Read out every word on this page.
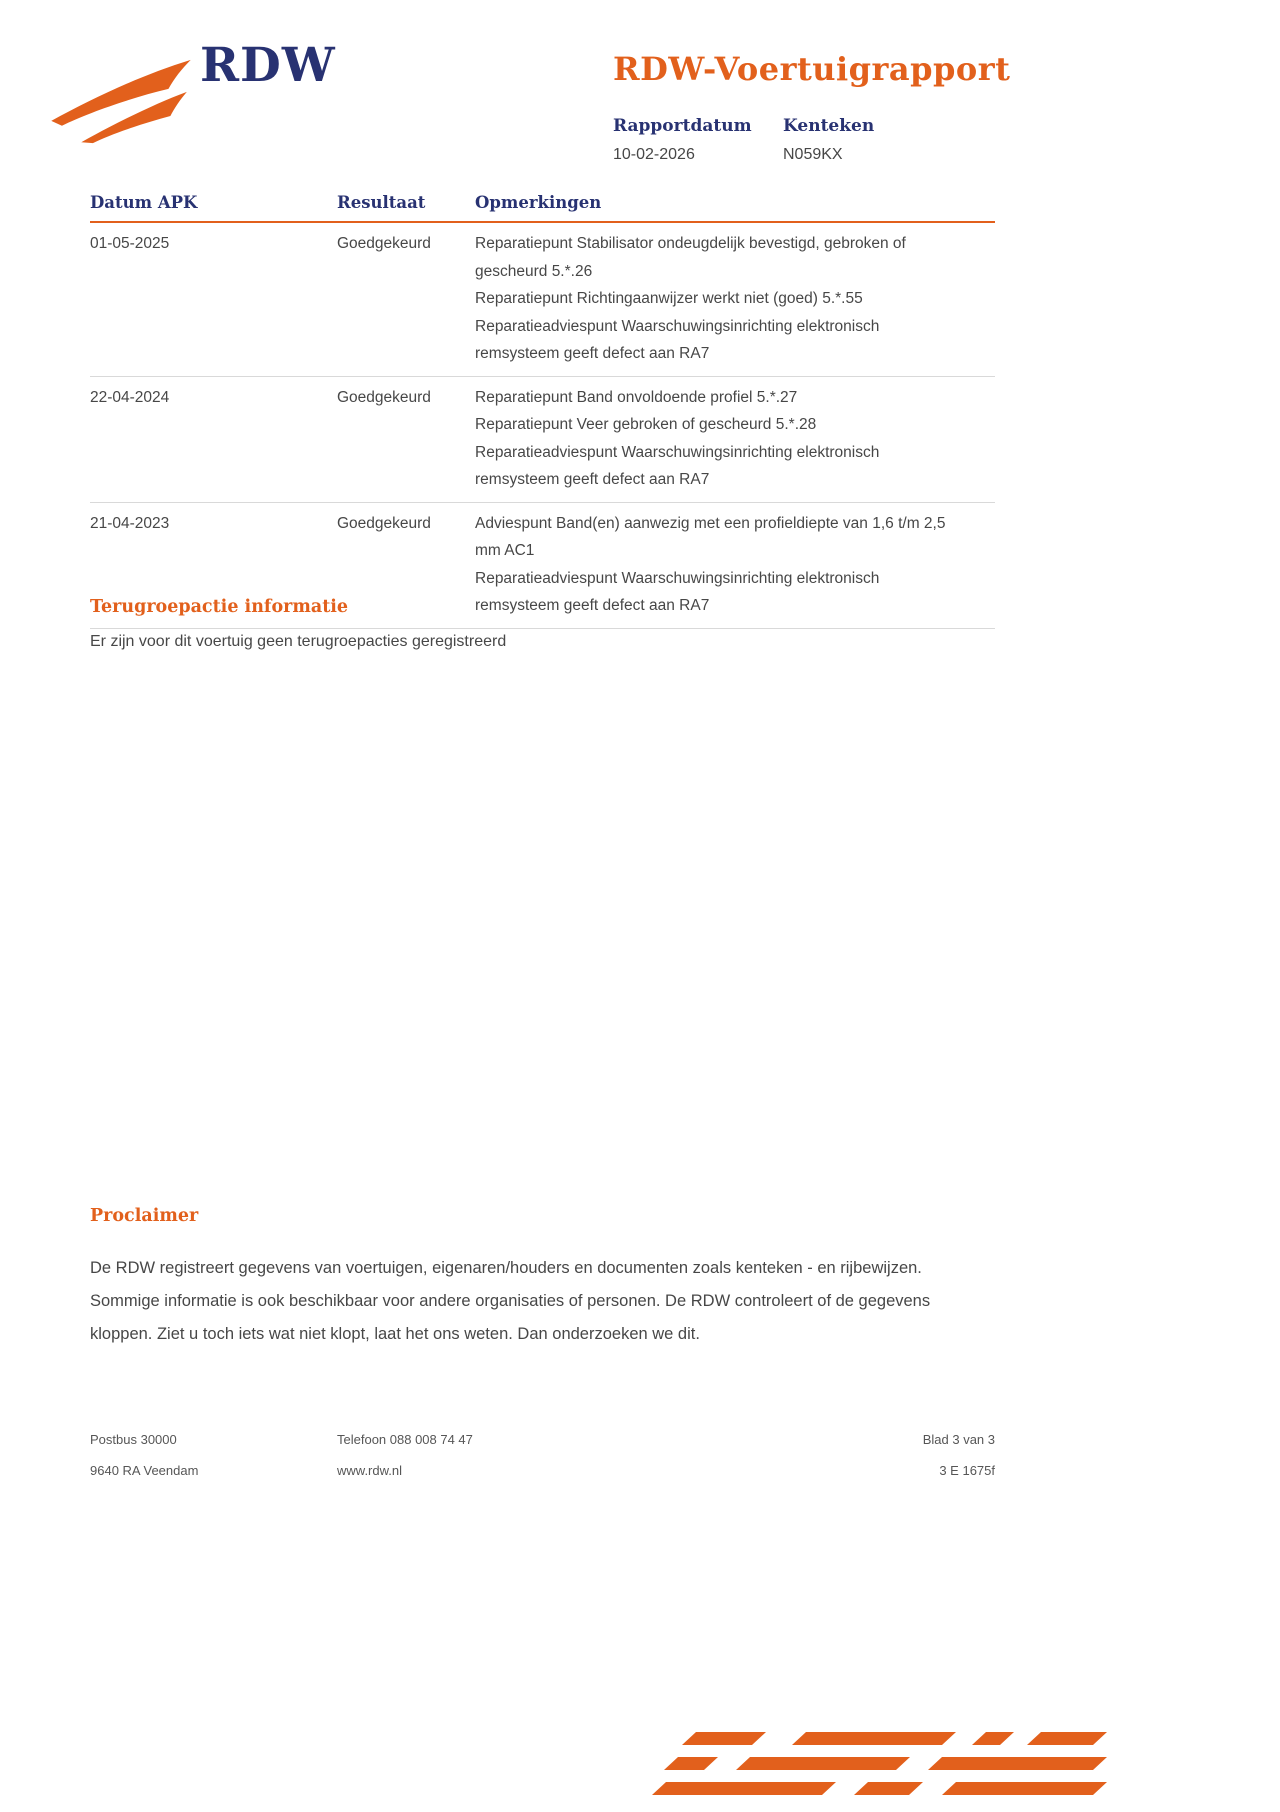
RDW	RDW-Voertuigrapport
Rapportdatum
10-02-2026
Kenteken
N059KX
Datum APK	Resultaat	Opmerkingen
01-05-2025	Goedgekeurd	Reparatiepunt Stabilisator ondeugdelijk bevestigd, gebroken of gescheurd 5.*.26
Reparatiepunt Richtingaanwijzer werkt niet (goed) 5.*.55
Reparatieadviespunt Waarschuwingsinrichting elektronisch remsysteem geeft defect aan RA7
22-04-2024	Goedgekeurd	Reparatiepunt Band onvoldoende profiel 5.*.27
Reparatiepunt Veer gebroken of gescheurd 5.*.28
Reparatieadviespunt Waarschuwingsinrichting elektronisch remsysteem geeft defect aan RA7
21-04-2023	Goedgekeurd	Adviespunt Band(en) aanwezig met een profieldiepte van 1,6 t/m 2,5 mm AC1
Reparatieadviespunt Waarschuwingsinrichting elektronisch remsysteem geeft defect aan RA7
Terugroepactie informatie

Er zijn voor dit voertuig geen terugroepacties geregistreerd

Proclaimer

De RDW registreert gegevens van voertuigen, eigenaren/houders en documenten zoals kenteken - en rijbewijzen. Sommige informatie is ook beschikbaar voor andere organisaties of personen. De RDW controleert of de gegevens kloppen. Ziet u toch iets wat niet klopt, laat het ons weten. Dan onderzoeken we dit.

Postbus 30000
9640 RA Veendam
Telefoon 088 008 74 47
www.rdw.nl
Blad 3 van 3
3 E 1675f
